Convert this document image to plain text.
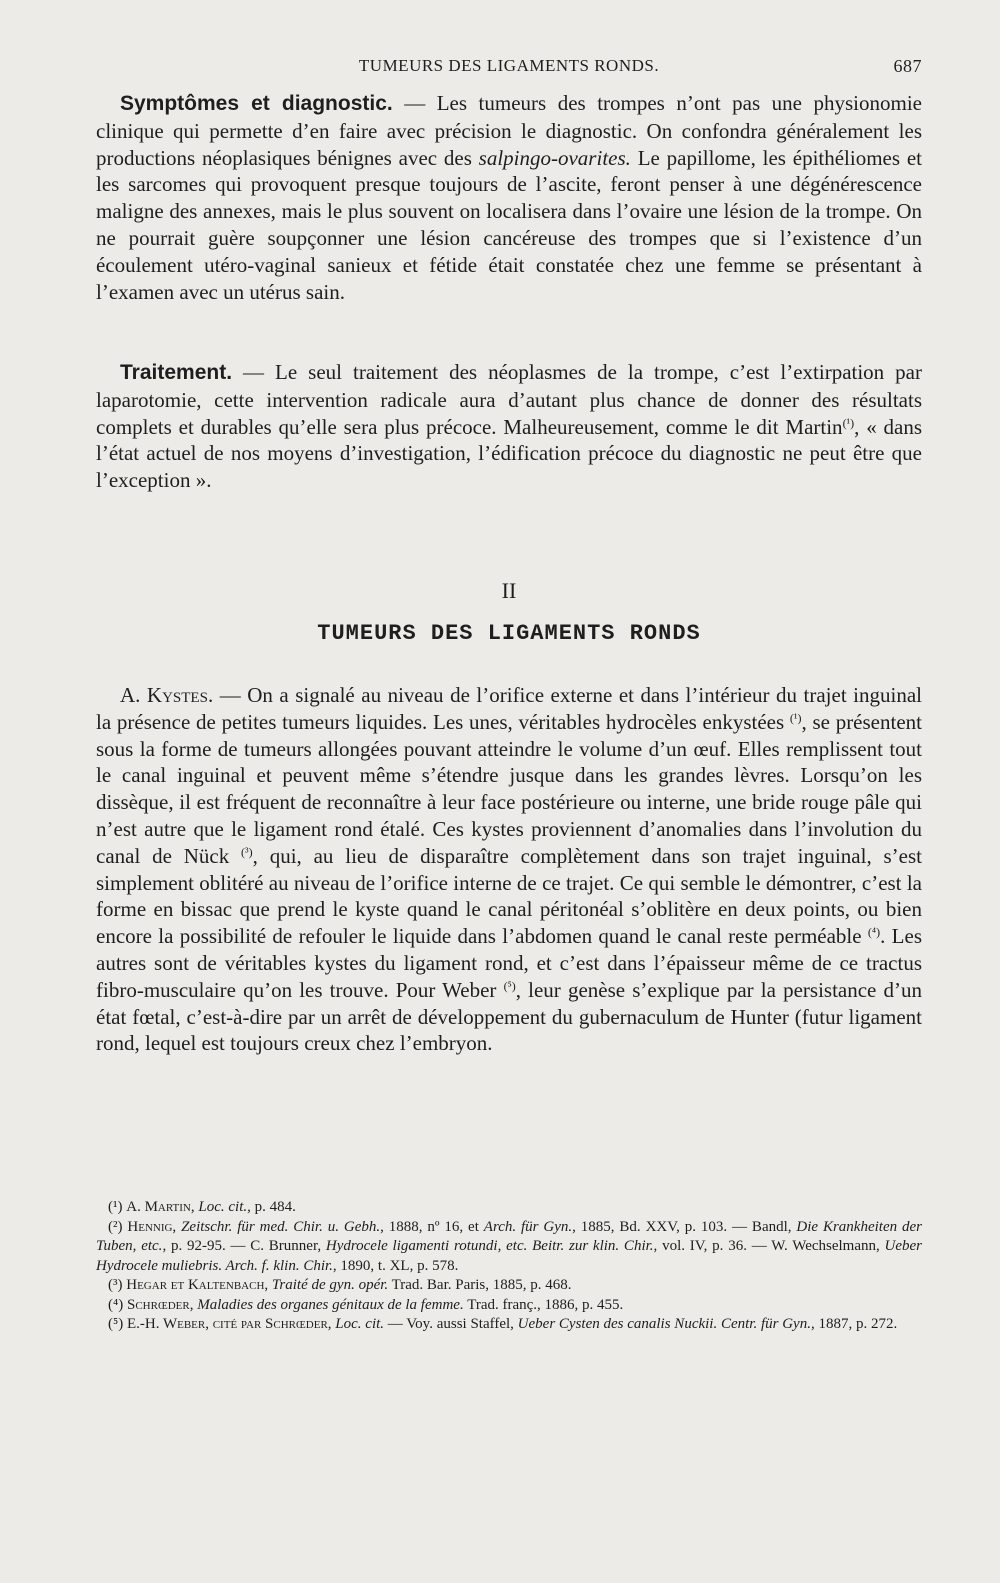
TUMEURS DES LIGAMENTS RONDS.	687

Symptômes et diagnostic. — Les tumeurs des trompes n’ont pas une physionomie clinique qui permette d’en faire avec précision le diagnostic. On confondra généralement les productions néoplasiques bénignes avec des salpingo-ovarites. Le papillome, les épithéliomes et les sarcomes qui provoquent presque toujours de l’ascite, feront penser à une dégénérescence maligne des annexes, mais le plus souvent on localisera dans l’ovaire une lésion de la trompe. On ne pourrait guère soupçonner une lésion cancéreuse des trompes que si l’existence d’un écoulement utéro-vaginal sanieux et fétide était constatée chez une femme se présentant à l’examen avec un utérus sain.

Traitement. — Le seul traitement des néoplasmes de la trompe, c’est l’extirpation par laparotomie, cette intervention radicale aura d’autant plus chance de donner des résultats complets et durables qu’elle sera plus précoce. Malheureusement, comme le dit Martin$^{(^1)}$, « dans l’état actuel de nos moyens d’investigation, l’édification précoce du diagnostic ne peut être que l’exception ».

II
TUMEURS DES LIGAMENTS RONDS

A. Kystes. — On a signalé au niveau de l’orifice externe et dans l’intérieur du trajet inguinal la présence de petites tumeurs liquides. Les unes, véritables hydrocèles enkystées $^{(^1)}$, se présentent sous la forme de tumeurs allongées pouvant atteindre le volume d’un œuf. Elles remplissent tout le canal inguinal et peuvent même s’étendre jusque dans les grandes lèvres. Lorsqu’on les dissèque, il est fréquent de reconnaître à leur face postérieure ou interne, une bride rouge pâle qui n’est autre que le ligament rond étalé. Ces kystes proviennent d’anomalies dans l’involution du canal de Nück $^{(^3)}$, qui, au lieu de disparaître complètement dans son trajet inguinal, s’est simplement oblitéré au niveau de l’orifice interne de ce trajet. Ce qui semble le démontrer, c’est la forme en bissac que prend le kyste quand le canal péritonéal s’oblitère en deux points, ou bien encore la possibilité de refouler le liquide dans l’abdomen quand le canal reste perméable $^{(^4)}$. Les autres sont de véritables kystes du ligament rond, et c’est dans l’épaisseur même de ce tractus fibro-musculaire qu’on les trouve. Pour Weber $^{(^5)}$, leur genèse s’explique par la persistance d’un état fœtal, c’est-à-dire par un arrêt de développement du gubernaculum de Hunter (futur ligament rond, lequel est toujours creux chez l’embryon.

(¹) A. Martin, Loc. cit., p. 484.

(²) Hennig, Zeitschr. für med. Chir. u. Gebh., 1888, nº 16, et Arch. für Gyn., 1885, Bd. XXV, p. 103. — Bandl, Die Krankheiten der Tuben, etc., p. 92-95. — C. Brunner, Hydrocele ligamenti rotundi, etc. Beitr. zur klin. Chir., vol. IV, p. 36. — W. Wechselmann, Ueber Hydrocele muliebris. Arch. f. klin. Chir., 1890, t. XL, p. 578.

(³) Hegar et Kaltenbach, Traité de gyn. opér. Trad. Bar. Paris, 1885, p. 468.

(⁴) Schrœder, Maladies des organes génitaux de la femme. Trad. franç., 1886, p. 455.

(⁵) E.-H. Weber, cité par Schrœder, Loc. cit. — Voy. aussi Staffel, Ueber Cysten des canalis Nuckii. Centr. für Gyn., 1887, p. 272.
